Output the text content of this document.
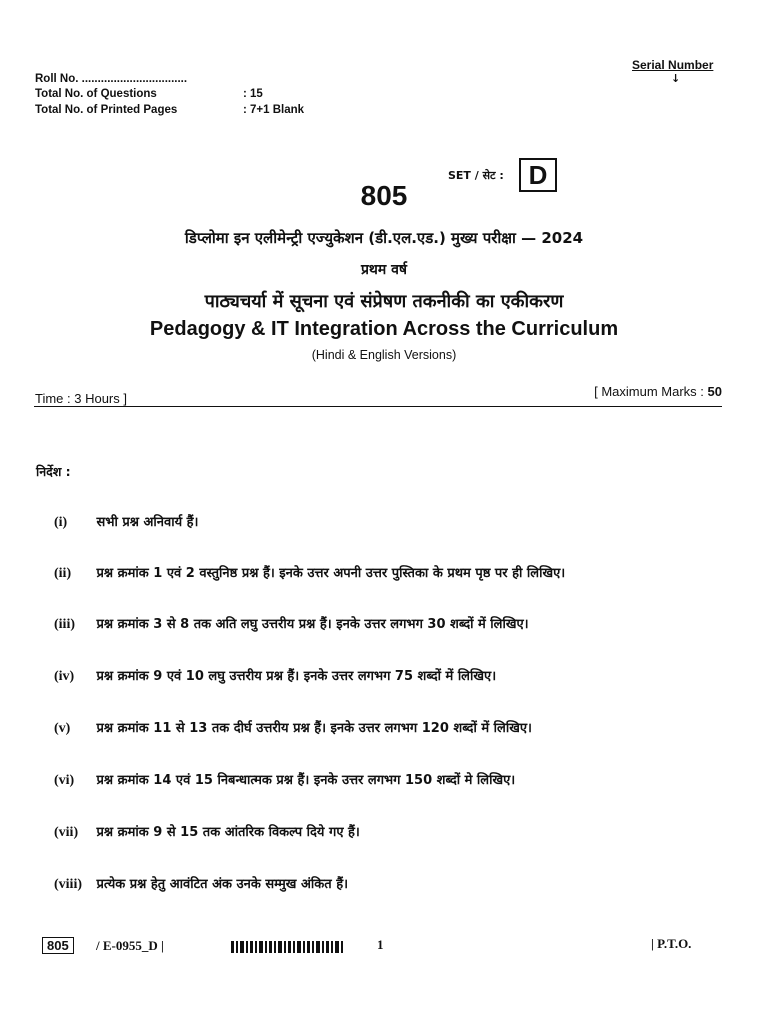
Roll No. .................................
Total No. of Questions	: 15
Total No. of Printed Pages	: 7+1 Blank
Serial Number
↓
SET / सेट : D
805
डिप्लोमा इन एलीमेन्ट्री एज्युकेशन (डी.एल.एड.) मुख्य परीक्षा — 2024
प्रथम वर्ष
पाठ्यचर्या में सूचना एवं संप्रेषण तकनीकी का एकीकरण
Pedagogy & IT Integration Across the Curriculum
(Hindi & English Versions)
Time : 3 Hours ]	[ Maximum Marks : 50
निर्देश :
(i) सभी प्रश्न अनिवार्य हैं।
(ii) प्रश्न क्रमांक 1 एवं 2 वस्तुनिष्ठ प्रश्न हैं। इनके उत्तर अपनी उत्तर पुस्तिका के प्रथम पृष्ठ पर ही लिखिए।
(iii) प्रश्न क्रमांक 3 से 8 तक अति लघु उत्तरीय प्रश्न हैं। इनके उत्तर लगभग 30 शब्दों में लिखिए।
(iv) प्रश्न क्रमांक 9 एवं 10 लघु उत्तरीय प्रश्न हैं। इनके उत्तर लगभग 75 शब्दों में लिखिए।
(v) प्रश्न क्रमांक 11 से 13 तक दीर्घ उत्तरीय प्रश्न हैं। इनके उत्तर लगभग 120 शब्दों में लिखिए।
(vi) प्रश्न क्रमांक 14 एवं 15 निबन्धात्मक प्रश्न हैं। इनके उत्तर लगभग 150 शब्दों मे लिखिए।
(vii) प्रश्न क्रमांक 9 से 15 तक आंतरिक विकल्प दिये गए हैं।
(viii) प्रत्येक प्रश्न हेतु आवंटित अंक उनके सम्मुख अंकित हैं।
805	/ E-0955_D |	1	| P.T.O.
